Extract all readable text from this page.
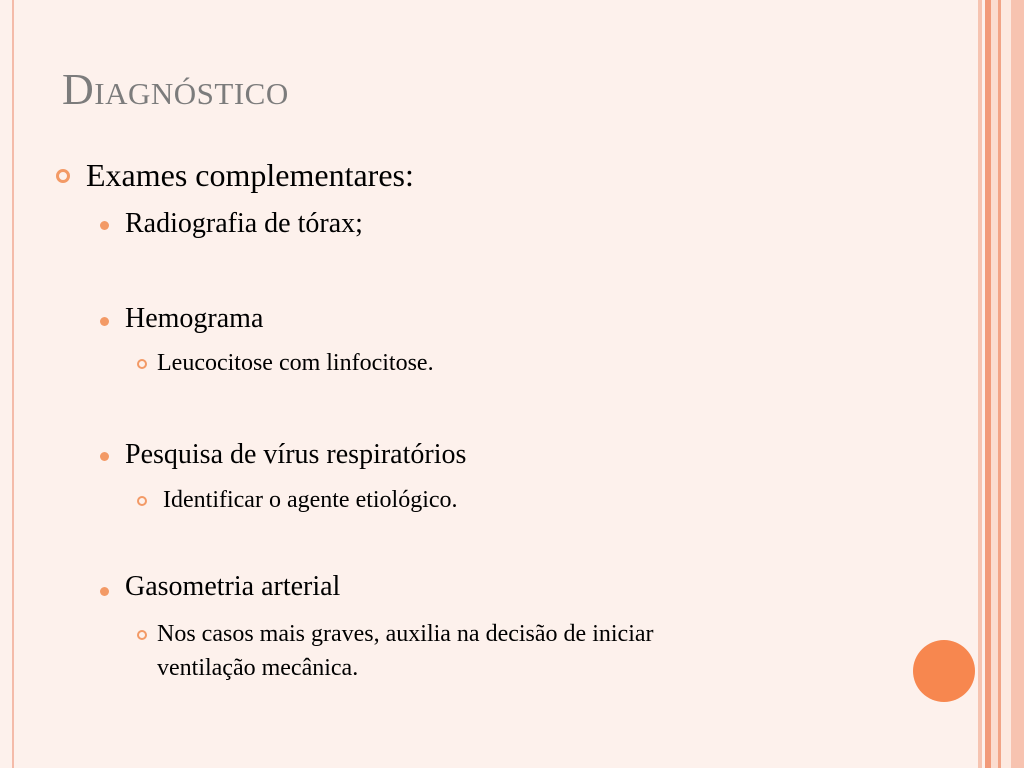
Diagnóstico
Exames complementares:
Radiografia de tórax;
Hemograma
Leucocitose com linfocitose.
Pesquisa de vírus respiratórios
Identificar o agente etiológico.
Gasometria arterial
Nos casos mais graves, auxilia na decisão de iniciar
ventilação mecânica.
